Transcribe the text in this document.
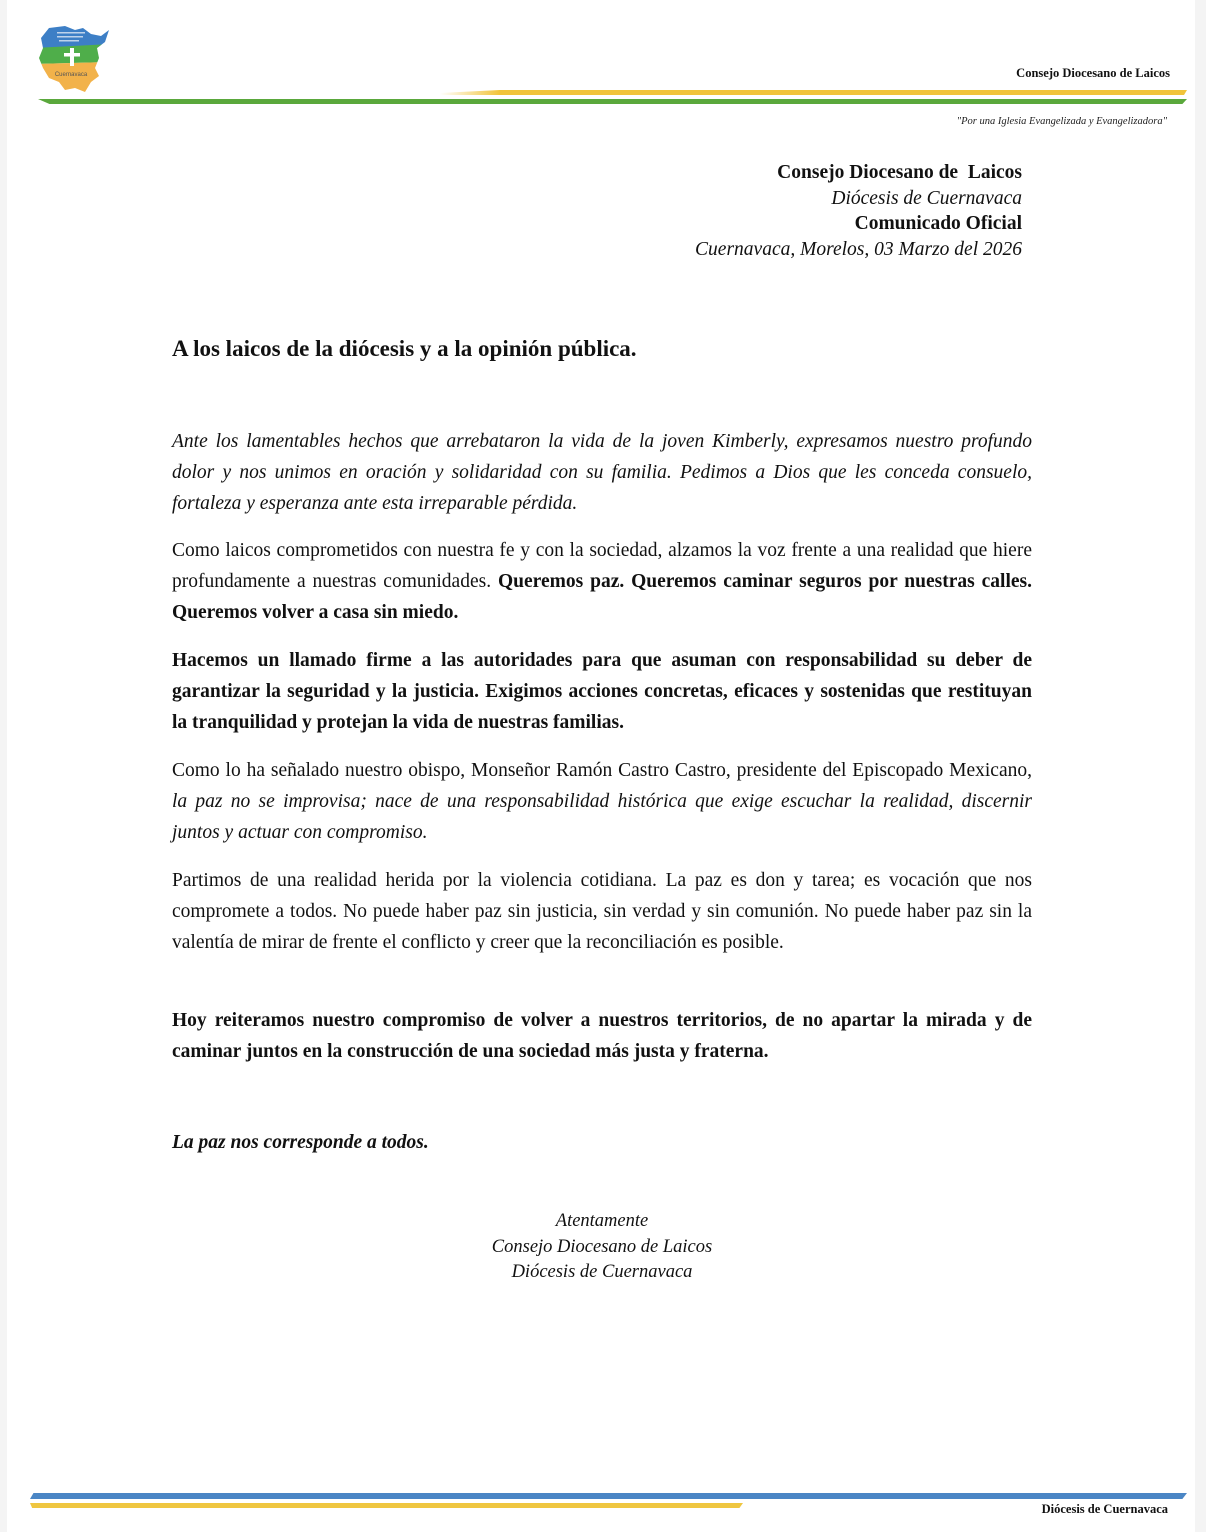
Cuernavaca	Consejo Diocesano de Laicos
"Por una Iglesia Evangelizada y Evangelizadora"
Consejo Diocesano de  Laicos
Diócesis de Cuernavaca
Comunicado Oficial
Cuernavaca, Morelos, 03 Marzo del 2026
A los laicos de la diócesis y a la opinión pública.

Ante los lamentables hechos que arrebataron la vida de la joven Kimberly, expresamos nuestro profundo dolor y nos unimos en oración y solidaridad con su familia. Pedimos a Dios que les conceda consuelo, fortaleza y esperanza ante esta irreparable pérdida.

Como laicos comprometidos con nuestra fe y con la sociedad, alzamos la voz frente a una realidad que hiere profundamente a nuestras comunidades. Queremos paz. Queremos caminar seguros por nuestras calles. Queremos volver a casa sin miedo.

Hacemos un llamado firme a las autoridades para que asuman con responsabilidad su deber de garantizar la seguridad y la justicia. Exigimos acciones concretas, eficaces y sostenidas que restituyan la tranquilidad y protejan la vida de nuestras familias.

Como lo ha señalado nuestro obispo, Monseñor Ramón Castro Castro, presidente del Episcopado Mexicano, la paz no se improvisa; nace de una responsabilidad histórica que exige escuchar la realidad, discernir juntos y actuar con compromiso.

Partimos de una realidad herida por la violencia cotidiana. La paz es don y tarea; es vocación que nos compromete a todos. No puede haber paz sin justicia, sin verdad y sin comunión. No puede haber paz sin la valentía de mirar de frente el conflicto y creer que la reconciliación es posible.

Hoy reiteramos nuestro compromiso de volver a nuestros territorios, de no apartar la mirada y de caminar juntos en la construcción de una sociedad más justa y fraterna.

La paz nos corresponde a todos.
Atentamente
Consejo Diocesano de Laicos
Diócesis de Cuernavaca
Diócesis de Cuernavaca
